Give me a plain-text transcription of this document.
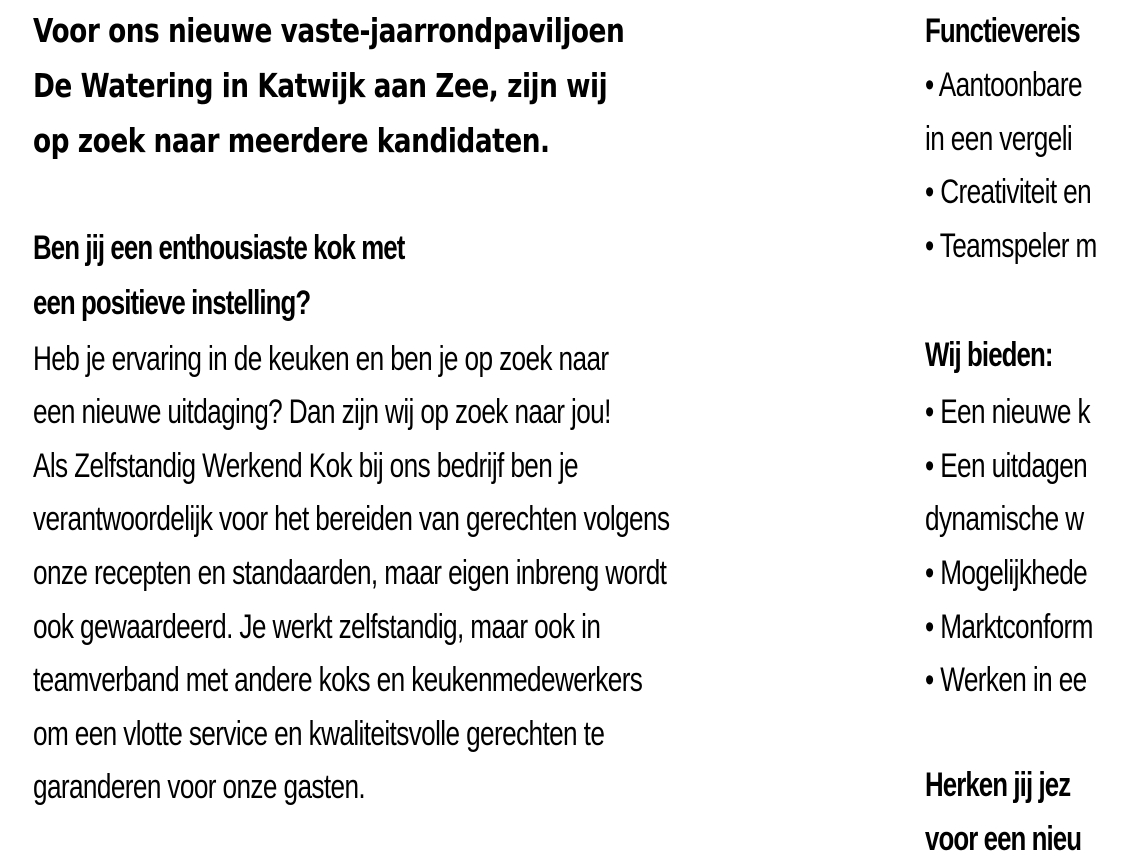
Voor ons nieuwe vaste-jaarrondpaviljoen
De Watering in Katwijk aan Zee, zijn wij
op zoek naar meerdere kandidaten.
Ben jij een enthousiaste kok met
een positieve instelling?
Heb je ervaring in de keuken en ben je op zoek naar
een nieuwe uitdaging? Dan zijn wij op zoek naar jou!
Als Zelfstandig Werkend Kok bij ons bedrijf ben je
verantwoordelijk voor het bereiden van gerechten volgens
onze recepten en standaarden, maar eigen inbreng wordt
ook gewaardeerd. Je werkt zelfstandig, maar ook in
teamverband met andere koks en keukenmedewerkers
om een vlotte service en kwaliteitsvolle gerechten te
garanderen voor onze gasten.
Functievereis
• Aantoonbare
in een vergeli
• Creativiteit en
• Teamspeler m
Wij bieden:
• Een nieuwe k
• Een uitdagen
dynamische w
• Mogelijkhede
• Marktconform
• Werken in ee
Herken jij jez
voor een nieu
